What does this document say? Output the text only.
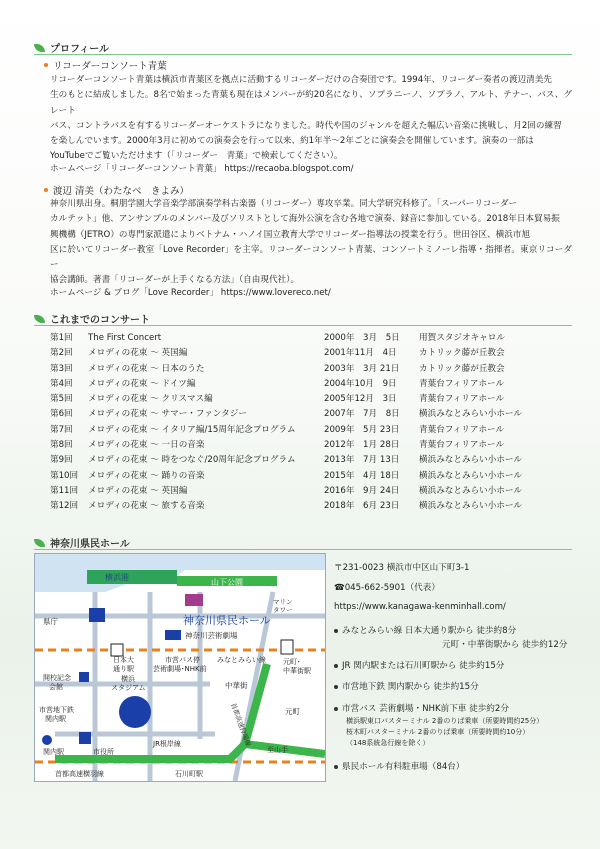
プロフィール
リコーダーコンソート青葉
リコーダーコンソート青葉は横浜市青葉区を拠点に活動するリコーダーだけの合奏団です。1994年、リコーダー奏者の渡辺清美先
生のもとに結成しました。8名で始まった青葉も現在はメンバーが約20名になり、ソプラニーノ、ソプラノ、アルト、テナー、バス、グレート
バス、コントラバスを有するリコーダーオーケストラになりました。時代や国のジャンルを超えた幅広い音楽に挑戦し、月2回の練習
を楽しんでいます。2000年3月に初めての演奏会を行って以来、約1年半～2年ごとに演奏会を開催しています。演奏の一部は
YouTubeでご覧いただけます（「リコーダー　青葉」で検索してください）。
ホームページ「リコーダーコンソート青葉」 https://recaoba.blogspot.com/
渡辺 清美（わたなべ　きよみ）
神奈川県出身。桐朋学園大学音楽学部演奏学科古楽器（リコーダー）専攻卒業。同大学研究科修了。「スーパーリコーダー
カルテット」他、アンサンブルのメンバー及びソリストとして海外公演を含む各地で演奏、録音に参加している。2018年日本貿易振
興機構（JETRO）の専門家派遣によりベトナム・ハノイ国立教育大学でリコーダー指導法の授業を行う。世田谷区、横浜市旭
区に於いてリコーダー教室「Love Recorder」を主宰。リコーダーコンソート青葉、コンソートミノーレ指導・指揮者。東京リコーダー
協会講師。著書「リコーダーが上手くなる方法」（自由現代社）。
ホームページ & ブログ「Love Recorder」 https://www.lovereco.net/
これまでのコンサート
第1回 The First Concert	2000年　3月　5日 用賀スタジオキャロル
第2回 メロディの花束 ～ 英国編	2001年11月　4日	カトリック藤が丘教会
第3回 メロディの花束 ～ 日本のうた	2003年　3月 21日 カトリック藤が丘教会
第4回 メロディの花束 ～ ドイツ編	2004年10月　9日	青葉台フィリアホール
第5回 メロディの花束 ～ クリスマス編	2005年12月　3日	青葉台フィリアホール
第6回 メロディの花束 ～ サマー・ファンタジー	2007年　7月　8日 横浜みなとみらい小ホール
第7回 メロディの花束 ～ イタリア編/15周年記念プログラム	2009年　5月 23日 青葉台フィリアホール
第8回 メロディの花束 ～ 一日の音楽	2012年　1月 28日 青葉台フィリアホール
第9回 メロディの花束 ～ 時をつなぐ/20周年記念プログラム	2013年　7月 13日 横浜みなとみらい小ホール
第10回 メロディの花束 ～ 踊りの音楽	2015年　4月 18日 横浜みなとみらい小ホール
第11回 メロディの花束 ～ 英国編	2016年　9月 24日 横浜みなとみらい小ホール
第12回 メロディの花束 ～ 旅する音楽	2018年　6月 23日 横浜みなとみらい小ホール
神奈川県民ホール
横浜港
山下公園
マリン
タワー
神奈川県民ホール
神奈川芸術劇場
県庁
日本大
通り駅
市営バス停
芸術劇場･NHK前
みなとみらい線 元町･
中華街駅
中華街
元町
首都高速狩場線
開校記念
会館
横浜
スタジアム
市営地下鉄
関内駅
関内駅	市役所
JR根岸線
石川町駅
首都高速横羽線
至山手
〒231-0023 横浜市中区山下町3-1
☎045-662-5901（代表）
https://www.kanagawa-kenminhall.com/
みなとみらい線 日本大通り駅から 徒歩約8分
元町・中華街駅から 徒歩約12分
JR 関内駅または石川町駅から 徒歩約15分
市営地下鉄 関内駅から 徒歩約15分
市営バス 芸術劇場・NHK前下車 徒歩約2分
横浜駅東口バスターミナル 2番のりば乗車（所要時間約25分）
桜木町バスターミナル 2番のりば乗車（所要時間約10分）
（148系統急行線を除く）
県民ホール有料駐車場（84台）
